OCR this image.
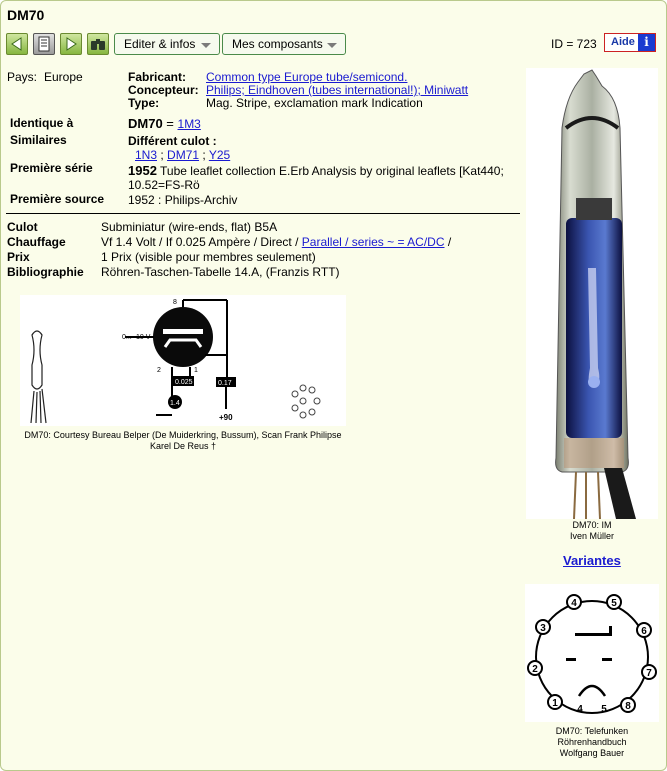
DM70
Editer & infos	Mes composants	ID = 723 Aide i
Pays: Europe	Fabricant: Common type Europe tube/semicond.
Concepteur: Philips; Eindhoven (tubes international!); Miniwatt
Type:	Mag. Stripe, exclamation mark Indication
Identique à	DM70 = 1M3
Similaires	Différent culot :
1N3 ; DM71 ; Y25
Première série	1952 Tube leaflet collection E.Erb Analysis by original leaflets [Kat440;
10.52=FS-Rö
Première source 1952 : Philips-Archiv
Culot	Subminiatur (wire-ends, flat) B5A
Chauffage	Vf 1.4 Volt / If 0.025 Ampère / Direct / Parallel / series ~ = AC/DC /
Prix	1 Prix (visible pour membres seulement)
Bibliographie Röhren-Taschen-Tabelle 14.A, (Franzis RTT)
0... -10 V
0.025	0.17
+90
1.4
8
2	1
DM70: Courtesy Bureau Belper (De Muiderkring, Bussum), Scan Frank Philipse
Karel De Reus †
DM70: IM
Iven Müller
Variantes
1
2
3
4	5
6
7
8
4 5
DM70: Telefunken
Röhrenhandbuch
Wolfgang Bauer
